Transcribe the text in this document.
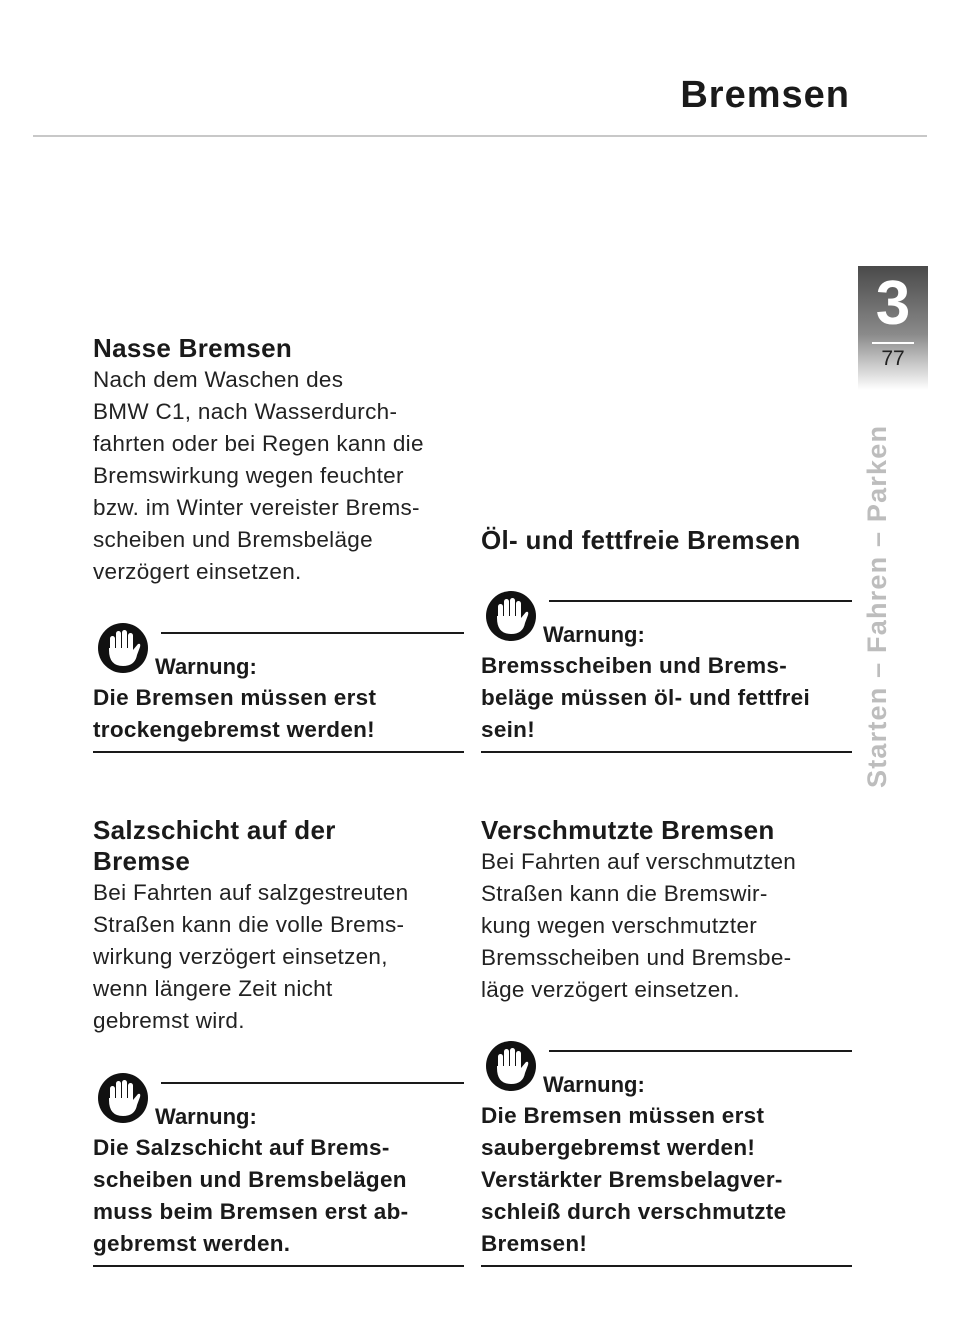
Bremsen
3
77
Starten – Fahren – Parken
Nasse Bremsen

Nach dem Waschen des
BMW C1, nach Wasserdurch-
fahrten oder bei Regen kann die
Bremswirkung wegen feuchter
bzw. im Winter vereister Brems-
scheiben und Bremsbeläge
verzögert einsetzen.

Warnung:
Die Bremsen müssen erst
trockengebremst werden!
Salzschicht auf der
Bremse

Bei Fahrten auf salzgestreuten
Straßen kann die volle Brems-
wirkung verzögert einsetzen,
wenn längere Zeit nicht
gebremst wird.

Warnung:
Die Salzschicht auf Brems-
scheiben und Bremsbelägen
muss beim Bremsen erst ab-
gebremst werden.
Öl- und fettfreie Bremsen
Warnung:
Bremsscheiben und Brems-
beläge müssen öl- und fettfrei
sein!
Verschmutzte Bremsen

Bei Fahrten auf verschmutzten
Straßen kann die Bremswir-
kung wegen verschmutzter
Bremsscheiben und Bremsbe-
läge verzögert einsetzen.

Warnung:
Die Bremsen müssen erst
saubergebremst werden!
Verstärkter Bremsbelagver-
schleiß durch verschmutzte
Bremsen!
